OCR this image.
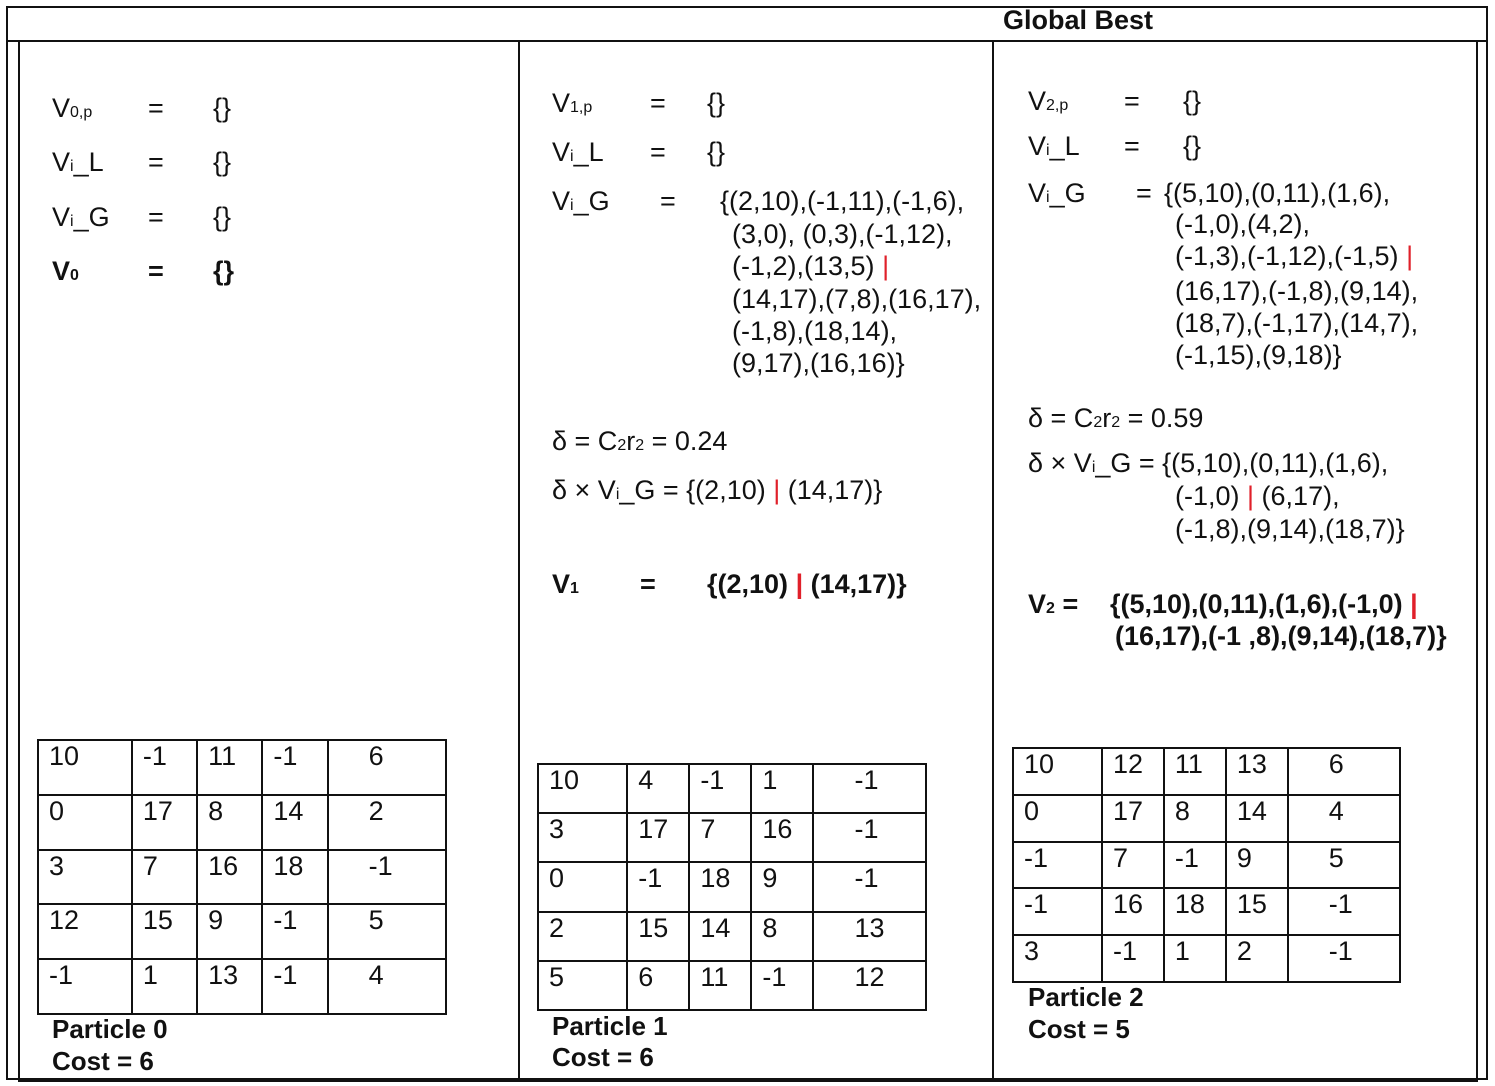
Global Best
V0,p = {}
Vi_L = {}
Vi_G = {}
V0	= {}
10	-1	11	-1	6
0	17	8	14	2
3	7	16	18	-1
12	15	9	-1	5
-1	1	13	-1	4
Particle 0
Cost = 6
V1,p = {}
Vi_L = {}
Vi_G = {(2,10),(-1,11),(-1,6),
(3,0), (0,3),(-1,12),
(-1,2),(13,5) |
(14,17),(7,8),(16,17),
(-1,8),(18,14),
(9,17),(16,16)}
δ = C2r2 = 0.24
δ × Vi_G = {(2,10) | (14,17)}
V1 = {(2,10) | (14,17)}
10	4	-1	1	-1
3	17	7	16	-1
0	-1	18	9	-1
2	15	14	8	13
5	6	11	-1	12
Particle 1
Cost = 6
V2,p = {}
Vi_L = {}
Vi_G = {(5,10),(0,11),(1,6),
(-1,0),(4,2),
(-1,3),(-1,12),(-1,5) |
(16,17),(-1,8),(9,14),
(18,7),(-1,17),(14,7),
(-1,15),(9,18)}
δ = C2r2 = 0.59
δ × Vi_G = {(5,10),(0,11),(1,6),
(-1,0) | (6,17),
(-1,8),(9,14),(18,7)}
V2 = {(5,10),(0,11),(1,6),(-1,0) |
(16,17),(-1 ,8),(9,14),(18,7)}
10	12	11	13	6
0	17	8	14	4
-1	7	-1	9	5
-1	16	18	15	-1
3	-1	1	2	-1
Particle 2
Cost = 5
